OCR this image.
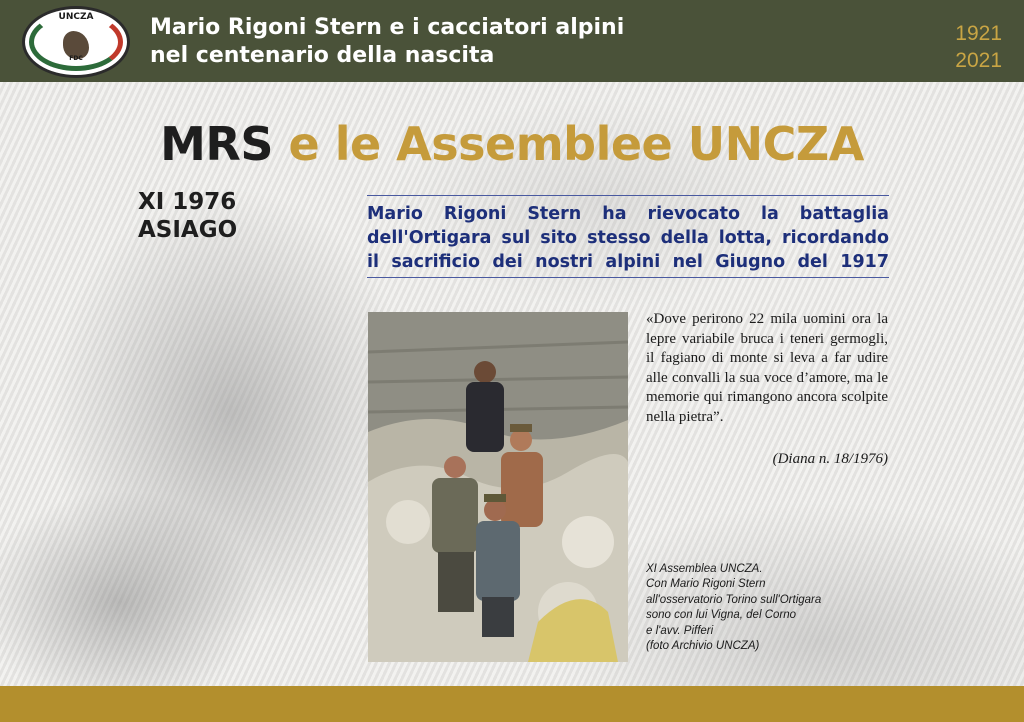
UNCZA
FDC
Mario Rigoni Stern e i cacciatori alpini
nel centenario della nascita
1921
2021
MRS e le Assemblee UNCZA
XI 1976
ASIAGO

Mario Rigoni Stern ha rievocato la battaglia

dell'Ortigara sul sito stesso della lotta, ricordando

il sacrificio dei nostri alpini nel Giugno del 1917

«Dove perirono 22 mila uomini ora la lepre variabile bruca i teneri germogli, il fagiano di monte si leva a far udire alle convalli la sua voce d’amore, ma le memorie qui rimangono ancora scolpite nella pietra”.

(Diana n. 18/1976)
XI Assemblea UNCZA.
Con Mario Rigoni Stern
all'osservatorio Torino sull'Ortigara
sono con lui Vigna, del Corno
e l'avv. Pifferi
(foto Archivio UNCZA)
